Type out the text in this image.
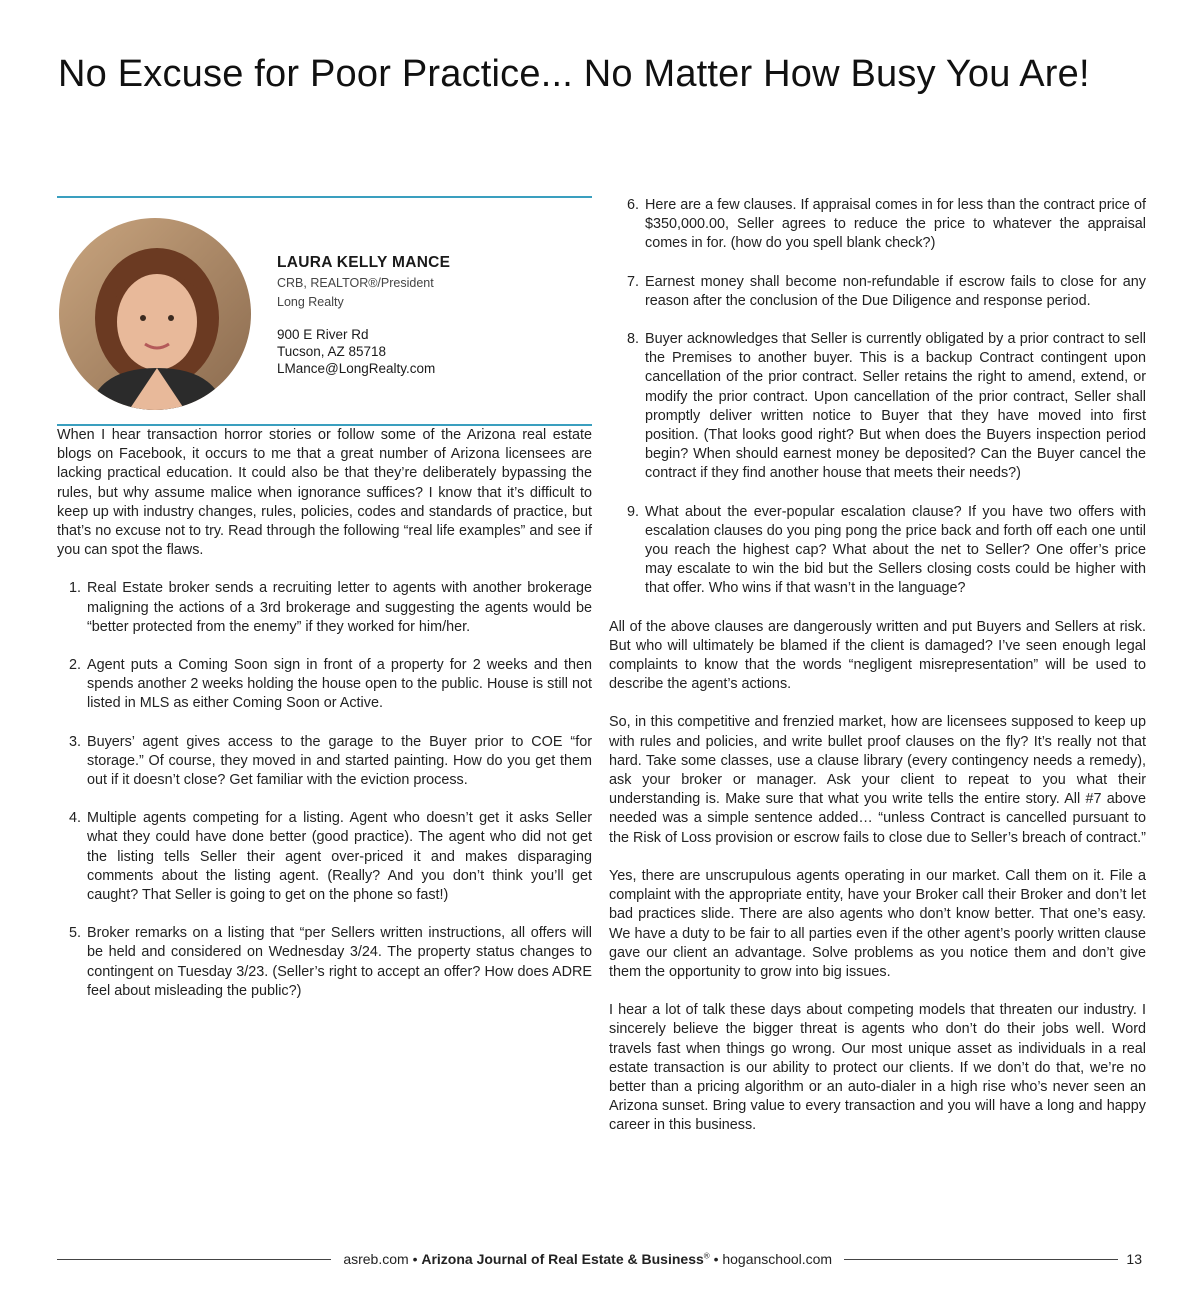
No Excuse for Poor Practice... No Matter How Busy You Are!
LAURA KELLY MANCE
CRB, REALTOR®/President
Long Realty
900 E River Rd
Tucson, AZ 85718
LMance@LongRealty.com
When I hear transaction horror stories or follow some of the Arizona real estate blogs on Facebook, it occurs to me that a great number of Arizona licensees are lacking practical education. It could also be that they’re deliberately bypassing the rules, but why assume malice when ignorance suffices? I know that it’s difficult to keep up with industry changes, rules, policies, codes and standards of practice, but that’s no excuse not to try. Read through the following “real life examples” and see if you can spot the flaws.
1. Real Estate broker sends a recruiting letter to agents with another brokerage maligning the actions of a 3rd brokerage and suggesting the agents would be “better protected from the enemy” if they worked for him/her.
2. Agent puts a Coming Soon sign in front of a property for 2 weeks and then spends another 2 weeks holding the house open to the public. House is still not listed in MLS as either Coming Soon or Active.
3. Buyers’ agent gives access to the garage to the Buyer prior to COE “for storage.” Of course, they moved in and started painting. How do you get them out if it doesn’t close? Get familiar with the eviction process.
4. Multiple agents competing for a listing. Agent who doesn’t get it asks Seller what they could have done better (good practice). The agent who did not get the listing tells Seller their agent over-priced it and makes disparaging comments about the listing agent. (Really? And you don’t think you’ll get caught? That Seller is going to get on the phone so fast!)
5. Broker remarks on a listing that “per Sellers written instructions, all offers will be held and considered on Wednesday 3/24. The property status changes to contingent on Tuesday 3/23. (Seller’s right to accept an offer? How does ADRE feel about misleading the public?)
6. Here are a few clauses. If appraisal comes in for less than the contract price of $350,000.00, Seller agrees to reduce the price to whatever the appraisal comes in for. (how do you spell blank check?)
7. Earnest money shall become non-refundable if escrow fails to close for any reason after the conclusion of the Due Diligence and response period.
8. Buyer acknowledges that Seller is currently obligated by a prior contract to sell the Premises to another buyer. This is a backup Contract contingent upon cancellation of the prior contract. Seller retains the right to amend, extend, or modify the prior contract. Upon cancellation of the prior contract, Seller shall promptly deliver written notice to Buyer that they have moved into first position. (That looks good right? But when does the Buyers inspection period begin? When should earnest money be deposited? Can the Buyer cancel the contract if they find another house that meets their needs?)
9. What about the ever-popular escalation clause? If you have two offers with escalation clauses do you ping pong the price back and forth off each one until you reach the highest cap? What about the net to Seller? One offer’s price may escalate to win the bid but the Sellers closing costs could be higher with that offer. Who wins if that wasn’t in the language?
All of the above clauses are dangerously written and put Buyers and Sellers at risk. But who will ultimately be blamed if the client is damaged? I’ve seen enough legal complaints to know that the words “negligent misrepresentation” will be used to describe the agent’s actions.
So, in this competitive and frenzied market, how are licensees supposed to keep up with rules and policies, and write bullet proof clauses on the fly? It’s really not that hard. Take some classes, use a clause library (every contingency needs a remedy), ask your broker or manager. Ask your client to repeat to you what their understanding is. Make sure that what you write tells the entire story. All #7 above needed was a simple sentence added… “unless Contract is cancelled pursuant to the Risk of Loss provision or escrow fails to close due to Seller’s breach of contract.”
Yes, there are unscrupulous agents operating in our market. Call them on it. File a complaint with the appropriate entity, have your Broker call their Broker and don’t let bad practices slide. There are also agents who don’t know better. That one’s easy. We have a duty to be fair to all parties even if the other agent’s poorly written clause gave our client an advantage. Solve problems as you notice them and don’t give them the opportunity to grow into big issues.
I hear a lot of talk these days about competing models that threaten our industry. I sincerely believe the bigger threat is agents who don’t do their jobs well. Word travels fast when things go wrong. Our most unique asset as individuals in a real estate transaction is our ability to protect our clients. If we don’t do that, we’re no better than a pricing algorithm or an auto-dialer in a high rise who’s never seen an Arizona sunset. Bring value to every transaction and you will have a long and happy career in this business.
asreb.com • Arizona Journal of Real Estate & Business® • hoganschool.com	13
